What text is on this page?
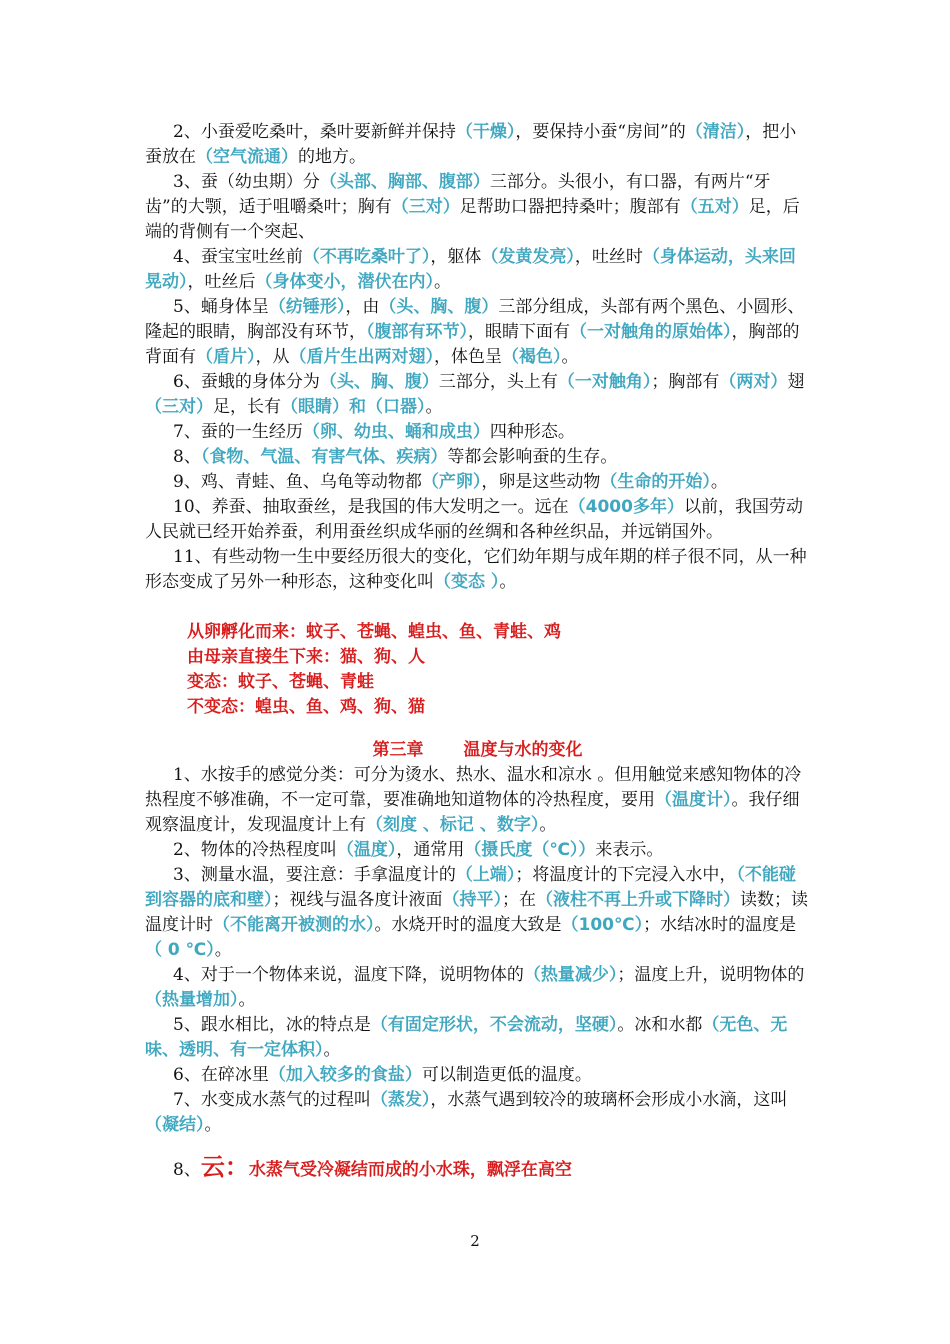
2、小蚕爱吃桑叶，桑叶要新鲜并保持（干燥），要保持小蚕“房间”的（清洁），把小蚕放在（空气流通）的地方。

3、蚕（幼虫期）分（头部、胸部、腹部）三部分。头很小，有口器，有两片“牙齿”的大颚，适于咀嚼桑叶；胸有（三对）足帮助口器把持桑叶；腹部有（五对）足，后端的背侧有一个突起、

4、蚕宝宝吐丝前（不再吃桑叶了），躯体（发黄发亮），吐丝时（身体运动，头来回晃动），吐丝后（身体变小，潜伏在内）。

5、蛹身体呈（纺锤形），由（头、胸、腹）三部分组成，头部有两个黑色、小圆形、隆起的眼睛，胸部没有环节，（腹部有环节），眼睛下面有（一对触角的原始体），胸部的背面有（盾片），从（盾片生出两对翅），体色呈（褐色）。

6、蚕蛾的身体分为（头、胸、腹）三部分，头上有（一对触角）；胸部有（两对）翅（三对）足，长有（眼睛）和（口器）。

7、蚕的一生经历（卵、幼虫、蛹和成虫）四种形态。

8、（食物、气温、有害气体、疾病）等都会影响蚕的生存。

9、鸡、青蛙、鱼、乌龟等动物都（产卵），卵是这些动物（生命的开始）。

10、养蚕、抽取蚕丝，是我国的伟大发明之一。远在（4000多年）以前，我国劳动人民就已经开始养蚕，利用蚕丝织成华丽的丝绸和各种丝织品，并远销国外。

11、有些动物一生中要经历很大的变化，它们幼年期与成年期的样子很不同，从一种形态变成了另外一种形态，这种变化叫（变态 ）。

从卵孵化而来：蚊子、苍蝇、蝗虫、鱼、青蛙、鸡

由母亲直接生下来：猫、狗、人

变态：蚊子、苍蝇、青蛙

不变态：蝗虫、鱼、鸡、狗、猫

第三章 温度与水的变化

1、水按手的感觉分类：可分为烫水、热水、温水和凉水 。但用触觉来感知物体的冷热程度不够准确，不一定可靠，要准确地知道物体的冷热程度，要用（温度计）。我仔细观察温度计，发现温度计上有（刻度 、标记 、数字）。

2、物体的冷热程度叫（温度），通常用（摄氏度（℃））来表示。

3、测量水温，要注意：手拿温度计的（上端）；将温度计的下完浸入水中，（不能碰到容器的底和壁）；视线与温各度计液面（持平）；在（液柱不再上升或下降时）读数；读温度计时（不能离开被测的水）。水烧开时的温度大致是（100℃）；水结冰时的温度是（ 0 ℃）。

4、对于一个物体来说，温度下降，说明物体的（热量减少）；温度上升，说明物体的（热量增加）。

5、跟水相比，冰的特点是（有固定形状，不会流动，坚硬）。冰和水都（无色、无味、透明、有一定体积）。

6、在碎冰里（加入较多的食盐）可以制造更低的温度。

7、水变成水蒸气的过程叫（蒸发），水蒸气遇到较冷的玻璃杯会形成小水滴，这叫（凝结）。

8、云：水蒸气受冷凝结而成的小水珠，飘浮在高空

2
